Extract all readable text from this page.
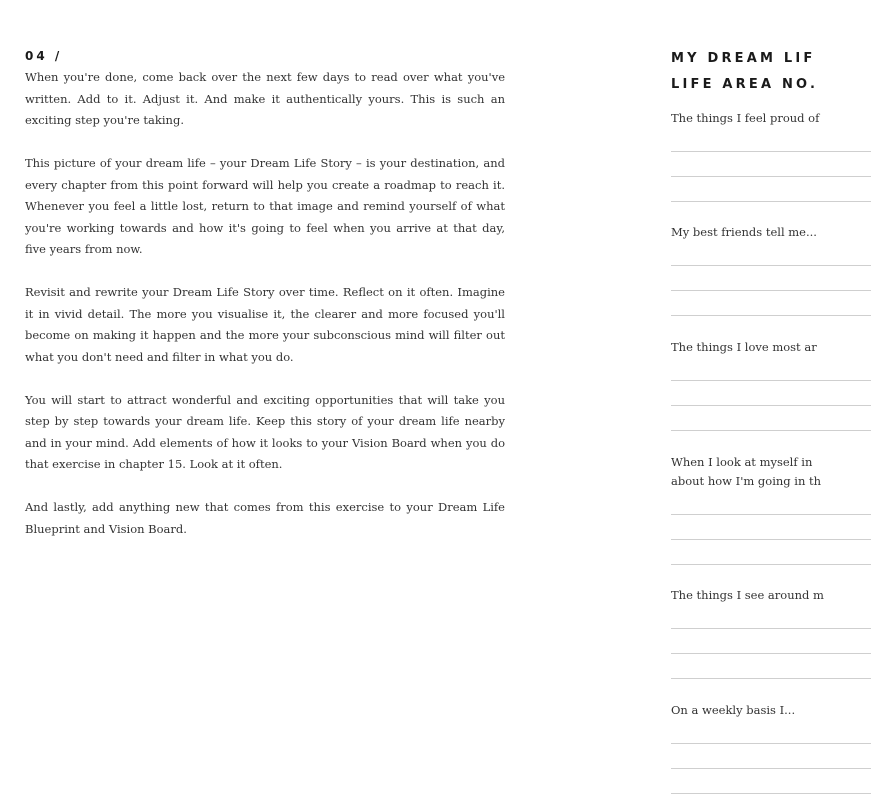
04 /

When you're done, come back over the next few days to read over what you've written. Add to it. Adjust it. And make it authentically yours. This is such an exciting step you're taking.

This picture of your dream life – your Dream Life Story – is your destination, and every chapter from this point forward will help you create a roadmap to reach it. Whenever you feel a little lost, return to that image and remind yourself of what you're working towards and how it's going to feel when you arrive at that day, five years from now.

Revisit and rewrite your Dream Life Story over time. Reflect on it often. Imagine it in vivid detail. The more you visualise it, the clearer and more focused you'll become on making it happen and the more your subconscious mind will filter out what you don't need and filter in what you do.

You will start to attract wonderful and exciting opportunities that will take you step by step towards your dream life. Keep this story of your dream life nearby and in your mind. Add elements of how it looks to your Vision Board when you do that exercise in chapter 15. Look at it often.

And lastly, add anything new that comes from this exercise to your Dream Life Blueprint and Vision Board.

MY DREAM LIF
LIFE AREA NO.
The things I feel proud of
My best friends tell me...
The things I love most ar
When I look at myself in
about how I'm going in th
The things I see around m
On a weekly basis I...
